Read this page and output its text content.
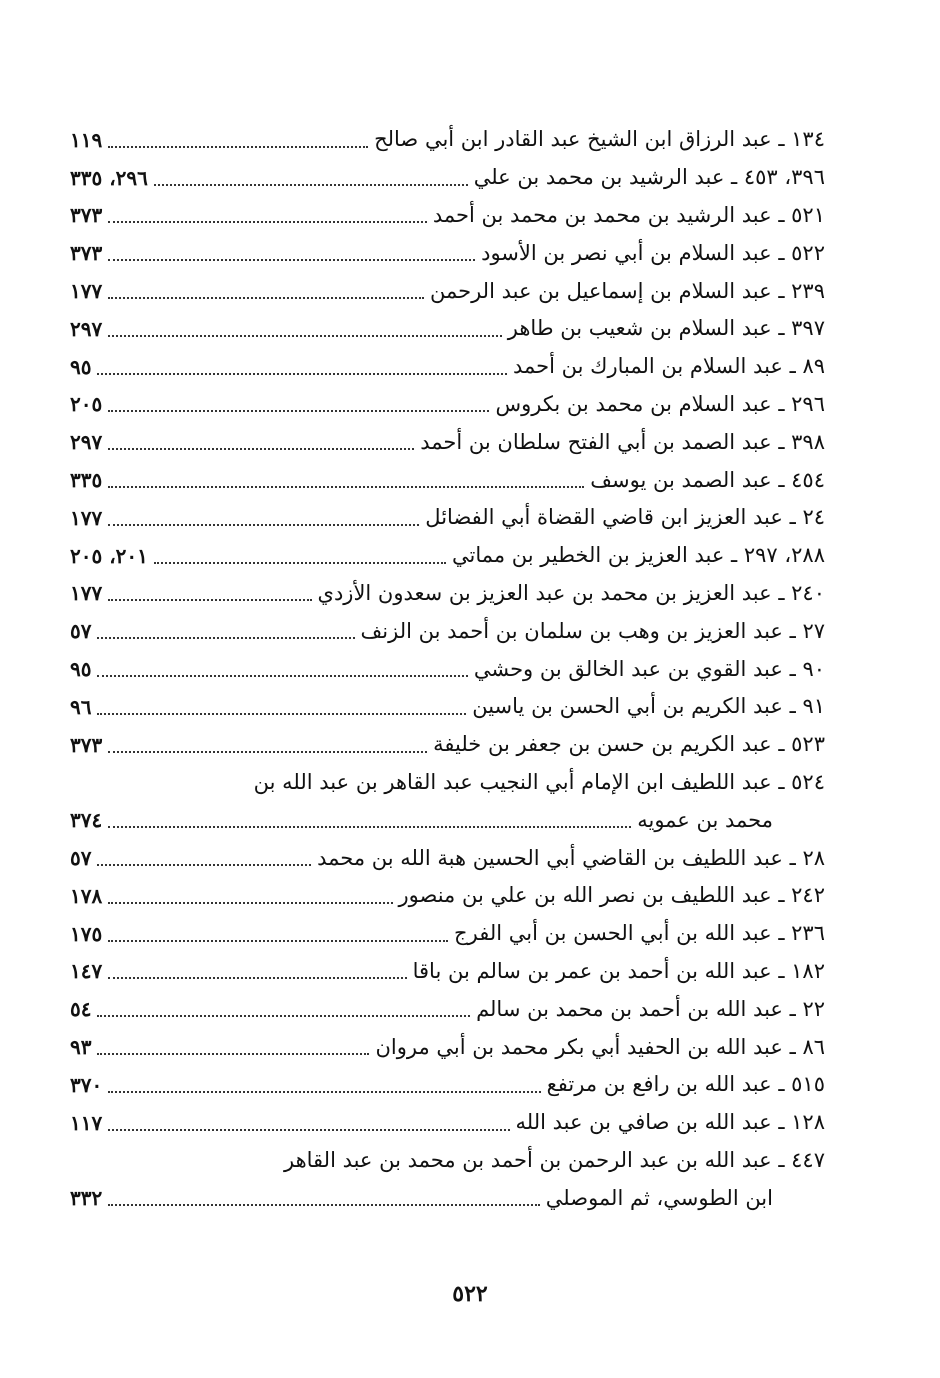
١٣٤ ـ عبد الرزاق ابن الشيخ عبد القادر ابن أبي صالح
١١٩
٣٩٦، ٤٥٣ ـ عبد الرشيد بن محمد بن علي
٢٩٦، ٣٣٥
٥٢١ ـ عبد الرشيد بن محمد بن محمد بن أحمد
٣٧٣
٥٢٢ ـ عبد السلام بن أبي نصر بن الأسود
٣٧٣
٢٣٩ ـ عبد السلام بن إسماعيل بن عبد الرحمن
١٧٧
٣٩٧ ـ عبد السلام بن شعيب بن طاهر
٢٩٧
٨٩ ـ عبد السلام بن المبارك بن أحمد
٩٥
٢٩٦ ـ عبد السلام بن محمد بن بكروس
٢٠٥
٣٩٨ ـ عبد الصمد بن أبي الفتح سلطان بن أحمد
٢٩٧
٤٥٤ ـ عبد الصمد بن يوسف
٣٣٥
٢٤ ـ عبد العزيز ابن قاضي القضاة أبي الفضائل
١٧٧
٢٨٨، ٢٩٧ ـ عبد العزيز بن الخطير بن مماتي
٢٠١، ٢٠٥
٢٤٠ ـ عبد العزيز بن محمد بن عبد العزيز بن سعدون الأزدي
١٧٧
٢٧ ـ عبد العزيز بن وهب بن سلمان بن أحمد بن الزنف
٥٧
٩٠ ـ عبد القوي بن عبد الخالق بن وحشي
٩٥
٩١ ـ عبد الكريم بن أبي الحسن بن ياسين
٩٦
٥٢٣ ـ عبد الكريم بن حسن بن جعفر بن خليفة
٣٧٣
٥٢٤ ـ عبد اللطيف ابن الإمام أبي النجيب عبد القاهر بن عبد الله بن
محمد بن عمويه
٣٧٤
٢٨ ـ عبد اللطيف بن القاضي أبي الحسين هبة الله بن محمد
٥٧
٢٤٢ ـ عبد اللطيف بن نصر الله بن علي بن منصور
١٧٨
٢٣٦ ـ عبد الله بن أبي الحسن بن أبي الفرج
١٧٥
١٨٢ ـ عبد الله بن أحمد بن عمر بن سالم بن باقا
١٤٧
٢٢ ـ عبد الله بن أحمد بن محمد بن سالم
٥٤
٨٦ ـ عبد الله بن الحفيد أبي بكر محمد بن أبي مروان
٩٣
٥١٥ ـ عبد الله بن رافع بن مرتفع
٣٧٠
١٢٨ ـ عبد الله بن صافي بن عبد الله
١١٧
٤٤٧ ـ عبد الله بن عبد الرحمن بن أحمد بن محمد بن عبد القاهر
ابن الطوسي، ثم الموصلي
٣٣٢
٥٢٢
